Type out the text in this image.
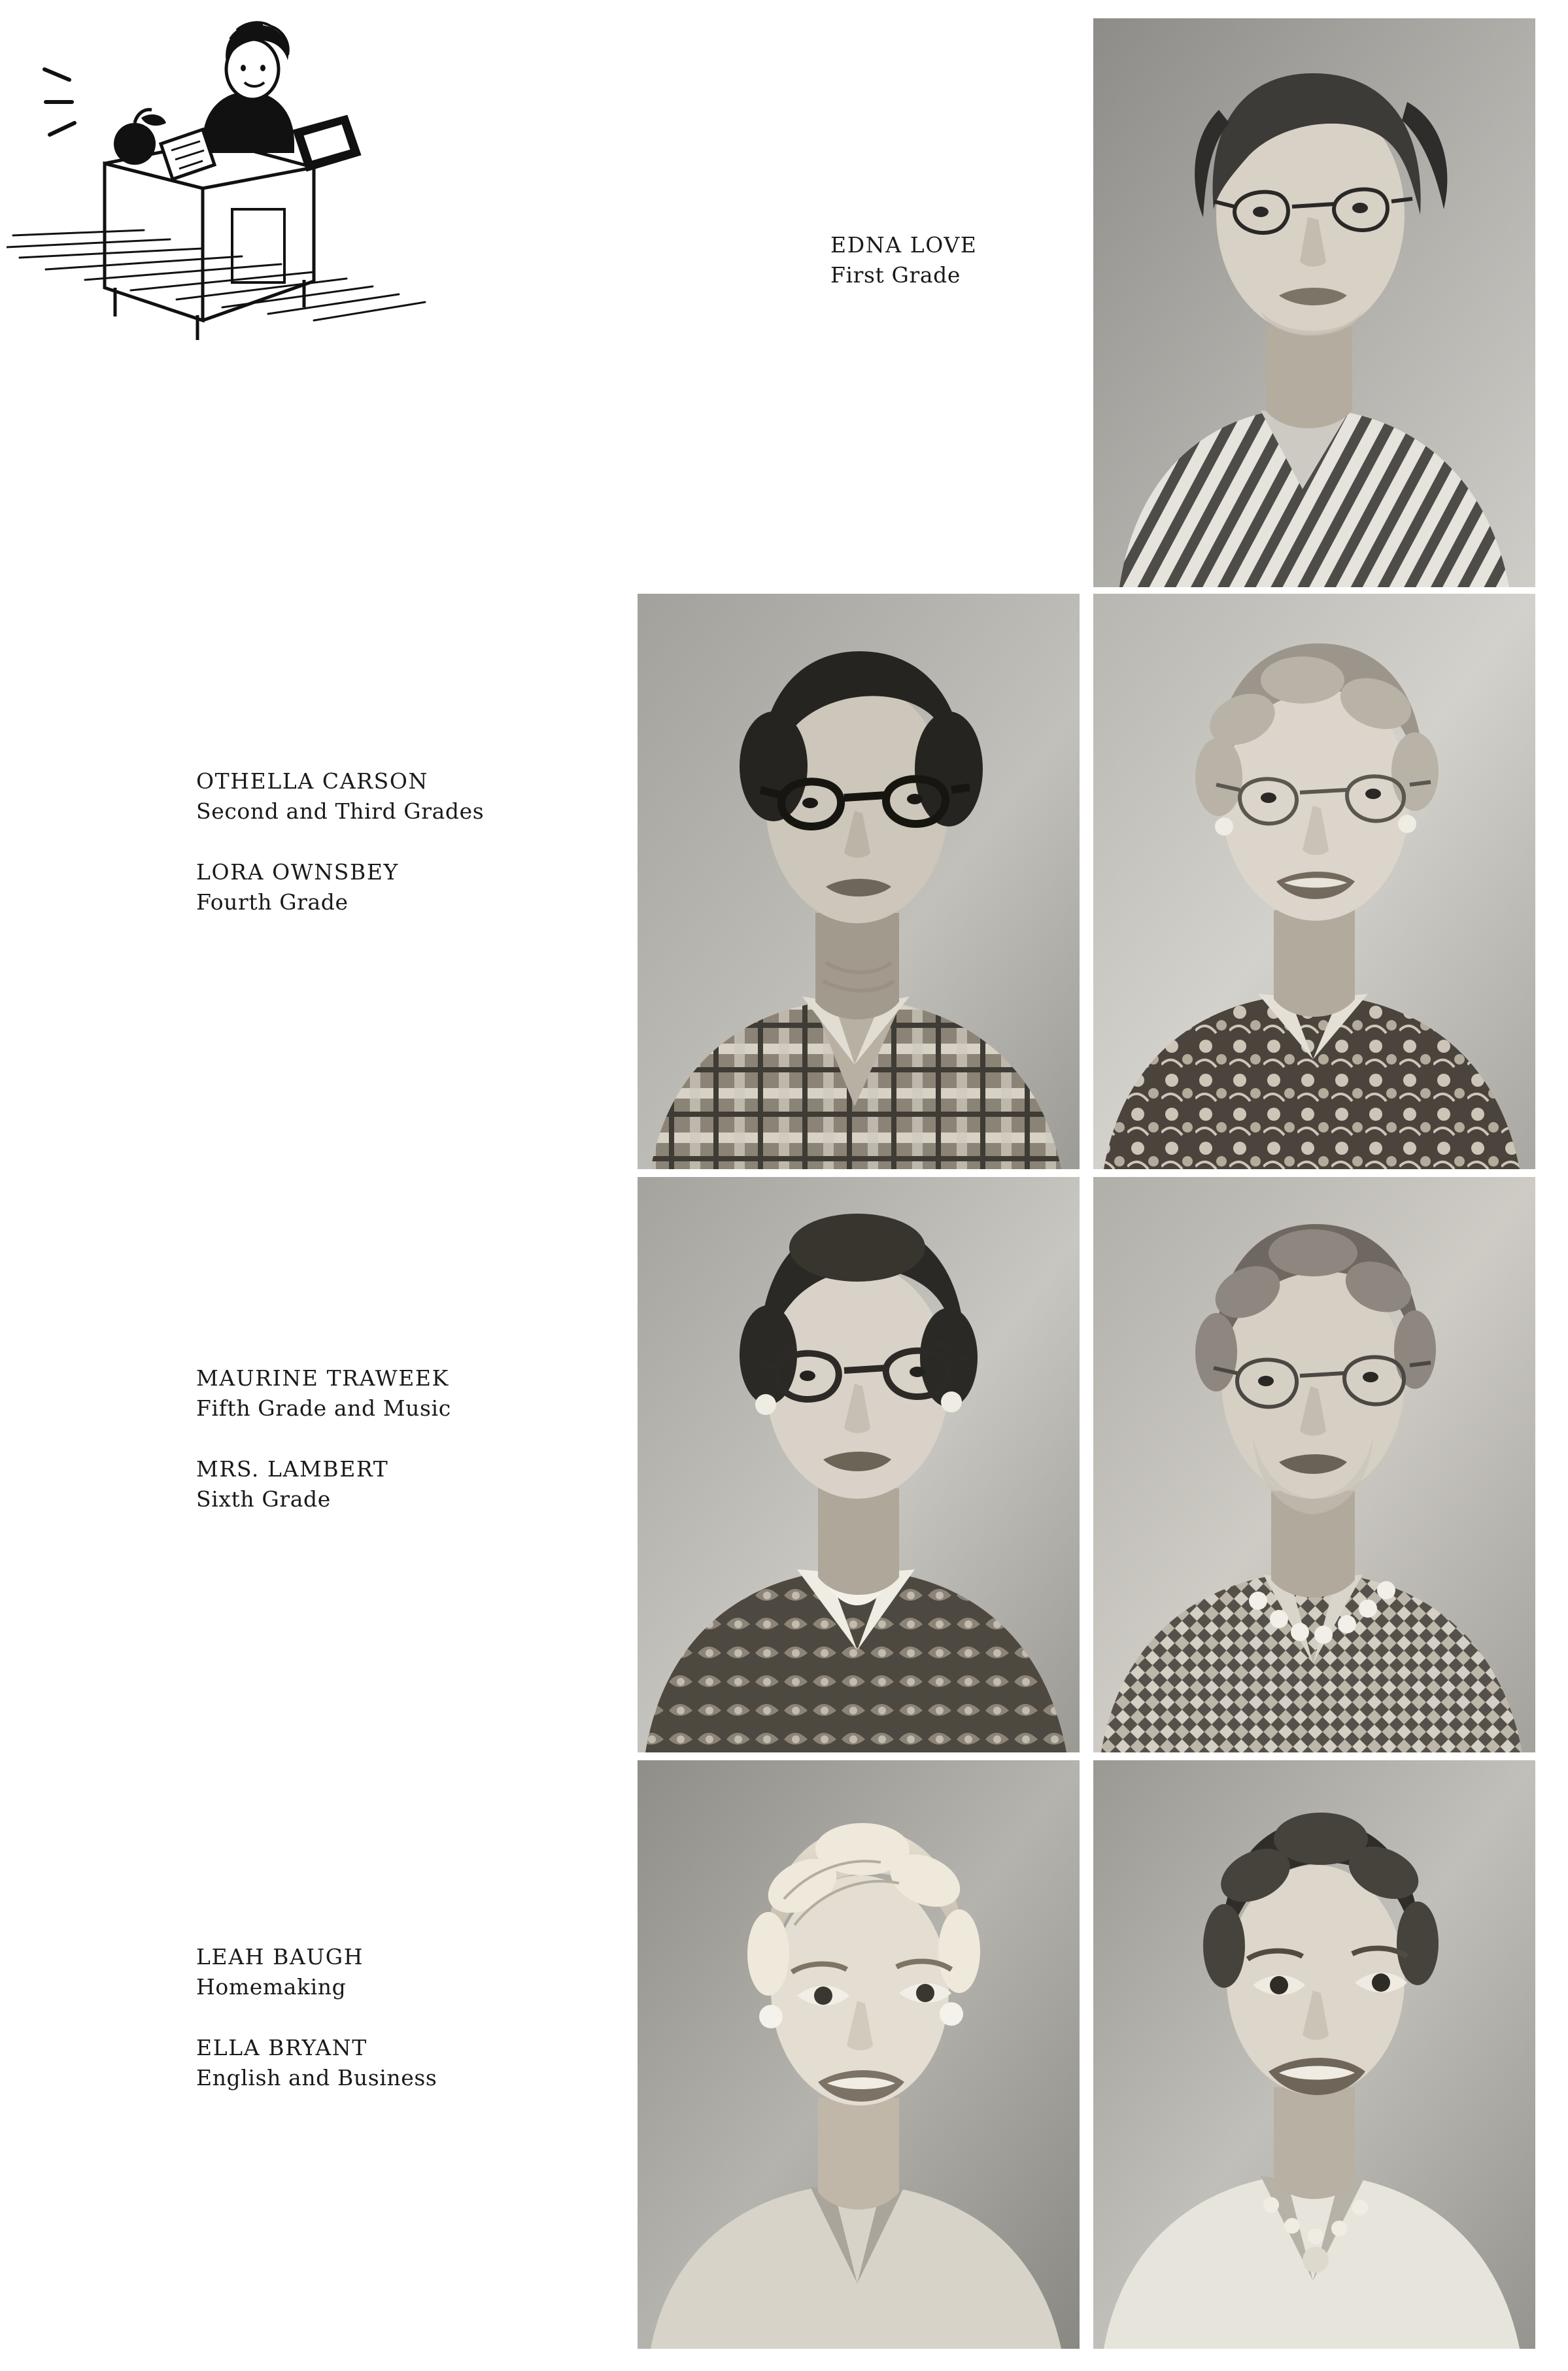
EDNA LOVE
First Grade
OTHELLA CARSON
Second and Third Grades
LORA OWNSBEY
Fourth Grade
MAURINE TRAWEEK
Fifth Grade and Music
MRS. LAMBERT
Sixth Grade
LEAH BAUGH
Homemaking
ELLA BRYANT
English and Business
